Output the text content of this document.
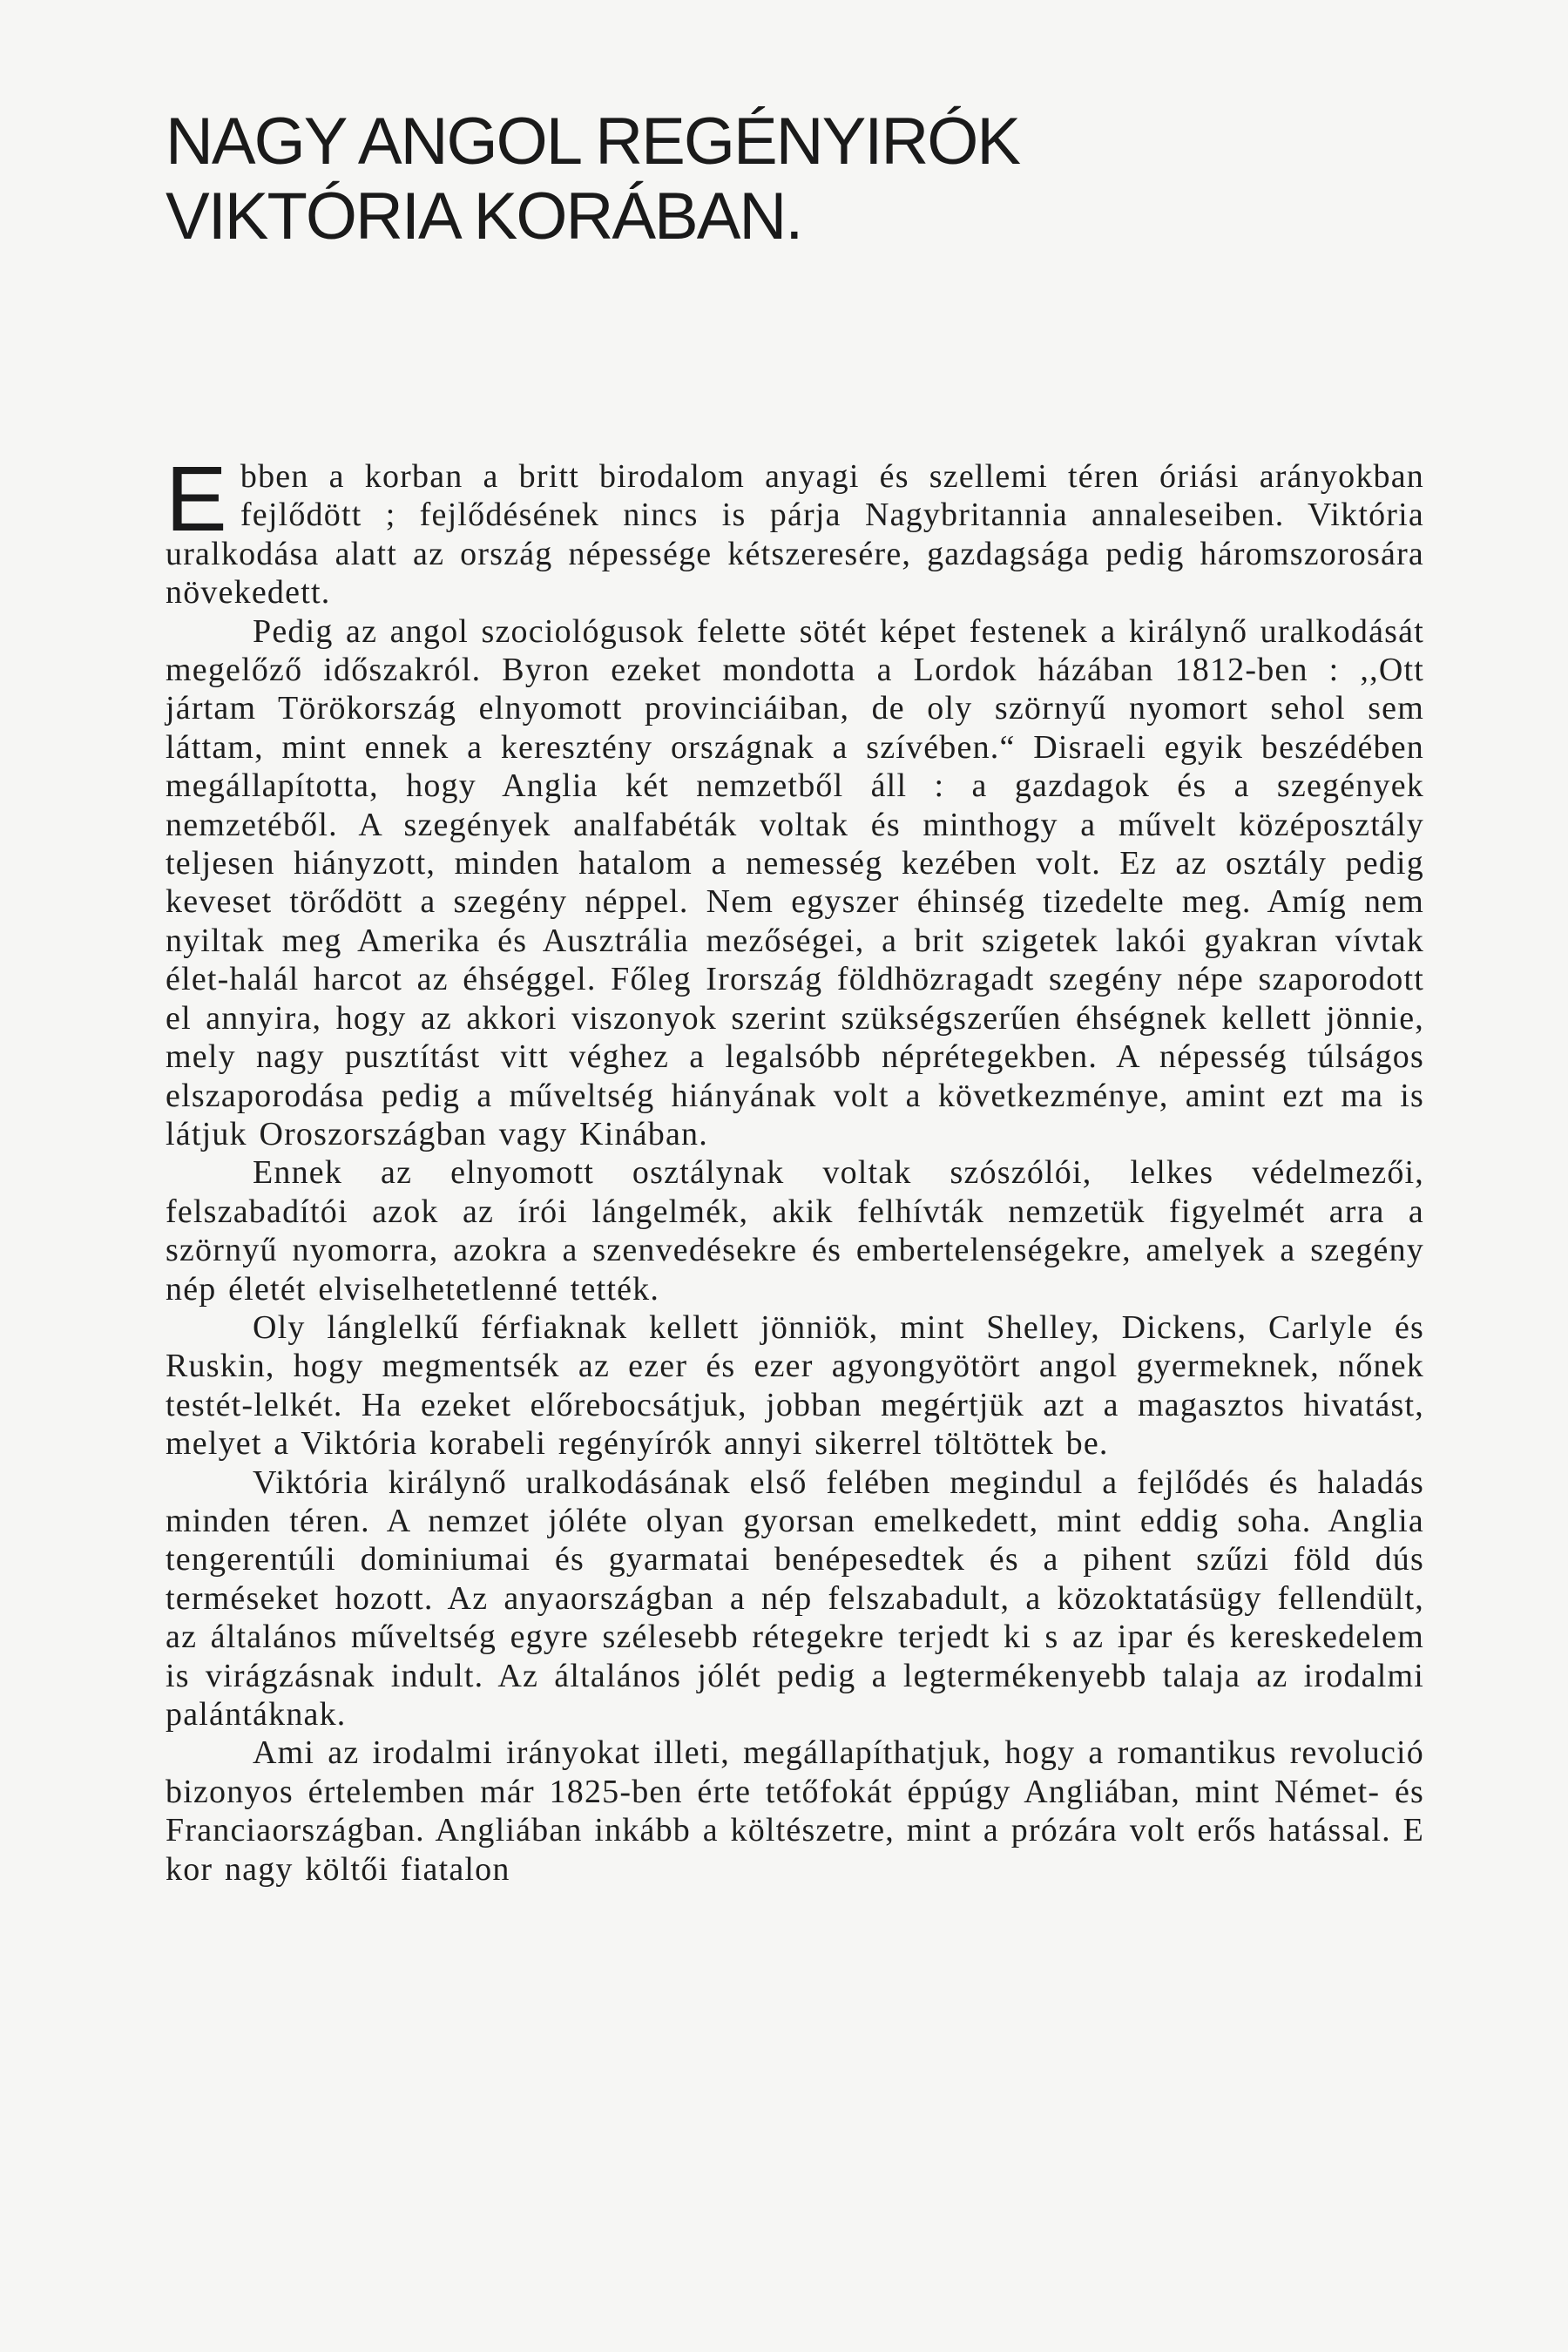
NAGY ANGOL REGÉNYIRÓK
VIKTÓRIA KORÁBAN.

Ebben a korban a britt birodalom anyagi és szellemi téren óriási arányokban fejlődött ; fejlődésének nincs is párja Nagybritannia annaleseiben. Viktória uralkodása alatt az ország népessége kétszeresére, gazdagsága pedig háromszorosára növekedett.

Pedig az angol szociológusok felette sötét képet festenek a királynő uralkodását megelőző időszakról. Byron ezeket mondotta a Lordok házában 1812-ben : ,,Ott jártam Törökország elnyomott provinciáiban, de oly szörnyű nyomort sehol sem láttam, mint ennek a keresztény országnak a szívében.“ Disraeli egyik beszédében megállapította, hogy Anglia két nemzetből áll : a gazdagok és a szegények nemzetéből. A szegények analfabéták voltak és minthogy a művelt középosztály teljesen hiányzott, minden hatalom a nemesség kezében volt. Ez az osztály pedig keveset törődött a szegény néppel. Nem egyszer éhinség tizedelte meg. Amíg nem nyiltak meg Amerika és Ausztrália mezőségei, a brit szigetek lakói gyakran vívtak élet-halál harcot az éhséggel. Főleg Irország földhözragadt szegény népe szaporodott el annyira, hogy az akkori viszonyok szerint szükségszerűen éhségnek kellett jönnie, mely nagy pusztítást vitt véghez a legalsóbb néprétegekben. A népesség túlságos elszaporodása pedig a műveltség hiányának volt a következménye, amint ezt ma is látjuk Oroszországban vagy Kinában.

Ennek az elnyomott osztálynak voltak szószólói, lelkes védelmezői, felszabadítói azok az írói lángelmék, akik felhívták nemzetük figyelmét arra a szörnyű nyomorra, azokra a szenvedésekre és embertelenségekre, amelyek a szegény nép életét elviselhetetlenné tették.

Oly lánglelkű férfiaknak kellett jönniök, mint Shelley, Dickens, Carlyle és Ruskin, hogy megmentsék az ezer és ezer agyongyötört angol gyermeknek, nőnek testét-lelkét. Ha ezeket előrebocsátjuk, jobban megértjük azt a magasztos hivatást, melyet a Viktória korabeli regényírók annyi sikerrel töltöttek be.

Viktória királynő uralkodásának első felében megindul a fejlődés és haladás minden téren. A nemzet jóléte olyan gyorsan emelkedett, mint eddig soha. Anglia tengerentúli dominiumai és gyarmatai benépesedtek és a pihent szűzi föld dús terméseket hozott. Az anyaországban a nép felszabadult, a közoktatásügy fellendült, az általános műveltség egyre szélesebb rétegekre terjedt ki s az ipar és kereskedelem is virágzásnak indult. Az általános jólét pedig a legtermékenyebb talaja az irodalmi palántáknak.

Ami az irodalmi irányokat illeti, megállapíthatjuk, hogy a romantikus revolució bizonyos értelemben már 1825-ben érte tetőfokát éppúgy Angliában, mint Német- és Franciaországban. Angliában inkább a költészetre, mint a prózára volt erős hatással. E kor nagy költői fiatalon
